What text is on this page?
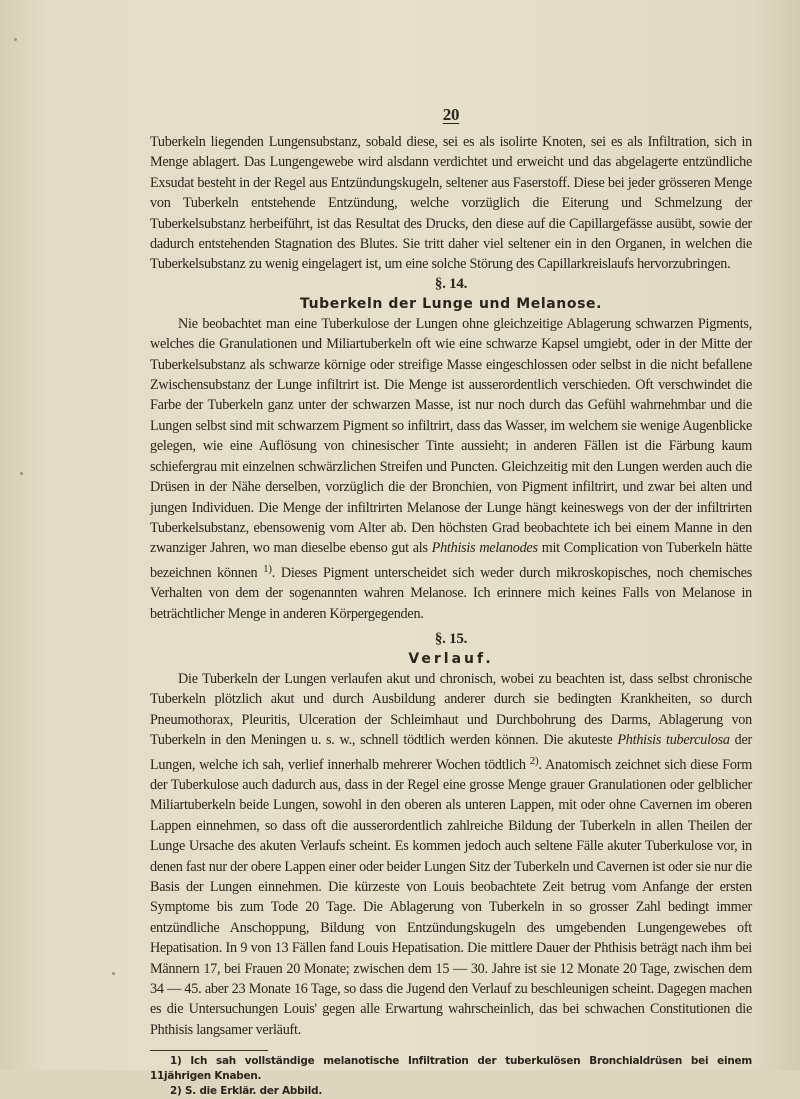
20

Tuberkeln liegenden Lungensubstanz, sobald diese, sei es als isolirte Knoten, sei es als Infiltration, sich in Menge ablagert. Das Lungengewebe wird alsdann verdichtet und erweicht und das abgelagerte entzündliche Exsudat besteht in der Regel aus Entzündungskugeln, seltener aus Faserstoff. Diese bei jeder grösseren Menge von Tuberkeln entstehende Entzündung, welche vorzüglich die Eiterung und Schmelzung der Tuberkelsubstanz herbeiführt, ist das Resultat des Drucks, den diese auf die Capillargefässe ausübt, sowie der dadurch entstehenden Stagnation des Blutes. Sie tritt daher viel seltener ein in den Organen, in welchen die Tuberkelsubstanz zu wenig eingelagert ist, um eine solche Störung des Capillarkreislaufs hervorzubringen.

§. 14.
Tuberkeln der Lunge und Melanose.

Nie beobachtet man eine Tuberkulose der Lungen ohne gleichzeitige Ablagerung schwarzen Pigments, welches die Granulationen und Miliartuberkeln oft wie eine schwarze Kapsel umgiebt, oder in der Mitte der Tuberkelsubstanz als schwarze körnige oder streifige Masse eingeschlossen oder selbst in die nicht befallene Zwischensubstanz der Lunge infiltrirt ist. Die Menge ist ausserordentlich verschieden. Oft verschwindet die Farbe der Tuberkeln ganz unter der schwarzen Masse, ist nur noch durch das Gefühl wahrnehmbar und die Lungen selbst sind mit schwarzem Pigment so infiltrirt, dass das Wasser, im welchem sie wenige Augenblicke gelegen, wie eine Auflösung von chinesischer Tinte aussieht; in anderen Fällen ist die Färbung kaum schiefergrau mit einzelnen schwärzlichen Streifen und Puncten. Gleichzeitig mit den Lungen werden auch die Drüsen in der Nähe derselben, vorzüglich die der Bronchien, von Pigment infiltrirt, und zwar bei alten und jungen Individuen. Die Menge der infiltrirten Melanose der Lunge hängt keineswegs von der der infiltrirten Tuberkelsubstanz, ebensowenig vom Alter ab. Den höchsten Grad beobachtete ich bei einem Manne in den zwanziger Jahren, wo man dieselbe ebenso gut als Phthisis melanodes mit Complication von Tuberkeln hätte bezeichnen können $^{1)}$. Dieses Pigment unterscheidet sich weder durch mikroskopisches, noch chemisches Verhalten von dem der sogenannten wahren Melanose. Ich erinnere mich keines Falls von Melanose in beträchtlicher Menge in anderen Körpergegenden.

§. 15.
Verlauf.

Die Tuberkeln der Lungen verlaufen akut und chronisch, wobei zu beachten ist, dass selbst chronische Tuberkeln plötzlich akut und durch Ausbildung anderer durch sie bedingten Krankheiten, so durch Pneumothorax, Pleuritis, Ulceration der Schleimhaut und Durchbohrung des Darms, Ablagerung von Tuberkeln in den Meningen u. s. w., schnell tödtlich werden können. Die akuteste Phthisis tuberculosa der Lungen, welche ich sah, verlief innerhalb mehrerer Wochen tödtlich $^{2)}$. Anatomisch zeichnet sich diese Form der Tuberkulose auch dadurch aus, dass in der Regel eine grosse Menge grauer Granulationen oder gelblicher Miliartuberkeln beide Lungen, sowohl in den oberen als unteren Lappen, mit oder ohne Cavernen im oberen Lappen einnehmen, so dass oft die ausserordentlich zahlreiche Bildung der Tuberkeln in allen Theilen der Lunge Ursache des akuten Verlaufs scheint. Es kommen jedoch auch seltene Fälle akuter Tuberkulose vor, in denen fast nur der obere Lappen einer oder beider Lungen Sitz der Tuberkeln und Cavernen ist oder sie nur die Basis der Lungen einnehmen. Die kürzeste von Louis beobachtete Zeit betrug vom Anfange der ersten Symptome bis zum Tode 20 Tage. Die Ablagerung von Tuberkeln in so grosser Zahl bedingt immer entzündliche Anschoppung, Bildung von Entzündungskugeln des umgebenden Lungengewebes oft Hepatisation. In 9 von 13 Fällen fand Louis Hepatisation. Die mittlere Dauer der Phthisis beträgt nach ihm bei Männern 17, bei Frauen 20 Monate; zwischen dem 15 — 30. Jahre ist sie 12 Monate 20 Tage, zwischen dem 34 — 45. aber 23 Monate 16 Tage, so dass die Jugend den Verlauf zu beschleunigen scheint. Dagegen machen es die Untersuchungen Louis' gegen alle Erwartung wahrscheinlich, das bei schwachen Constitutionen die Phthisis langsamer verläuft.

1) Ich sah vollständige melanotische Infiltration der tuberkulösen Bronchialdrüsen bei einem 11jährigen Knaben.

2) S. die Erklär. der Abbild.
